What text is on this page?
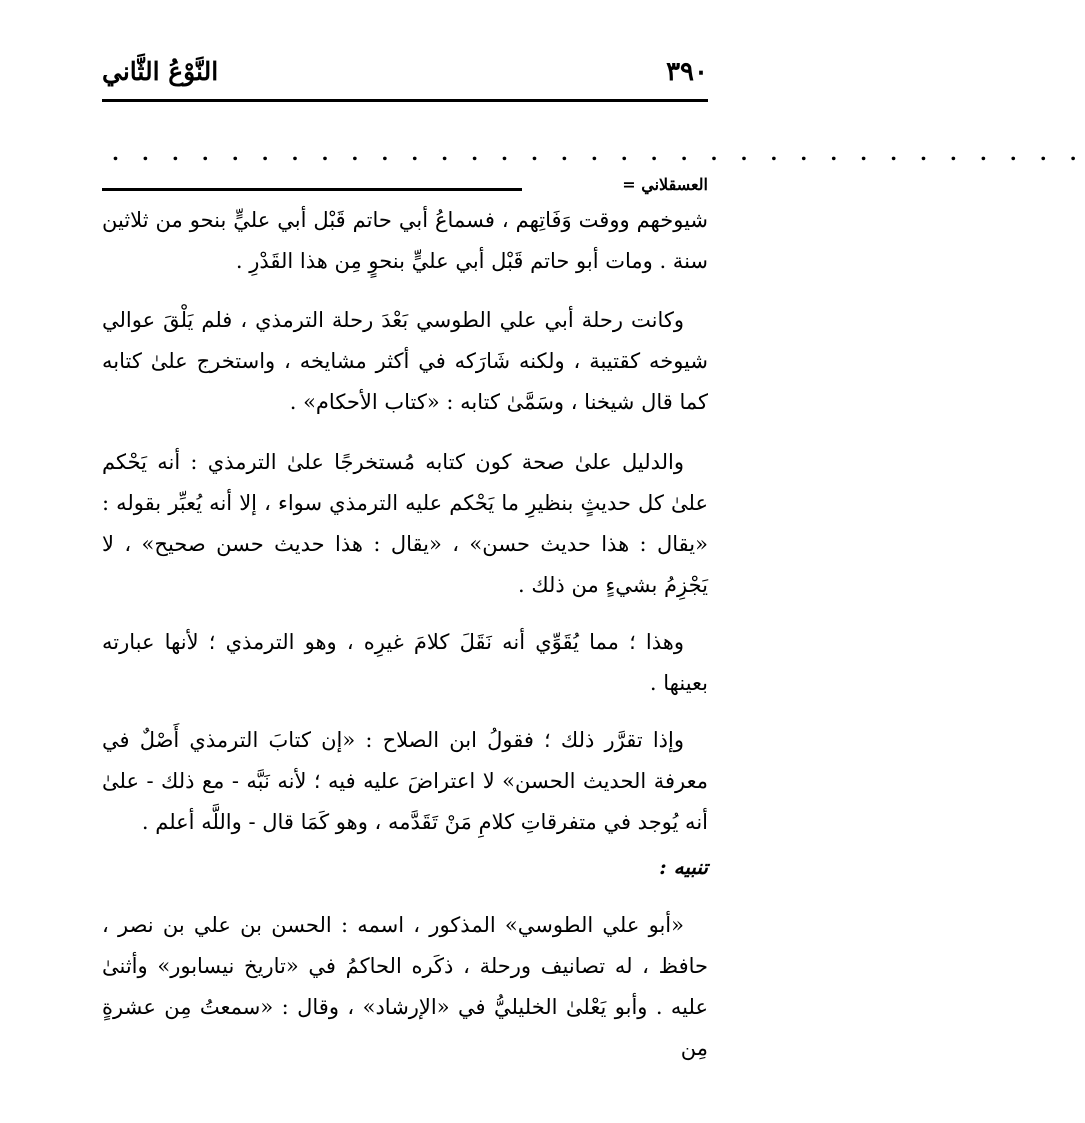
٣٩٠
النَّوْعُ الثَّاني
. . . . . . . . . . . . . . . . . . . . . . . . . . . . . . . . .
العسقلاني =

شيوخهم ووقت وَفَاتِهم ، فسماعُ أبي حاتم قَبْل أبي عليٍّ بنحو من ثلاثين سنة . ومات أبو حاتم قَبْل أبي عليٍّ بنحوٍ مِن هذا القَدْرِ .

وكانت رحلة أبي علي الطوسي بَعْدَ رحلة الترمذي ، فلم يَلْقَ عوالي شيوخه كقتيبة ، ولكنه شَارَكه في أكثر مشايخه ، واستخرج علىٰ كتابه كما قال شيخنا ، وسَمَّىٰ كتابه : «كتاب الأحكام» .

والدليل علىٰ صحة كون كتابه مُستخرجًا علىٰ الترمذي : أنه يَحْكم علىٰ كل حديثٍ بنظيرِ ما يَحْكم عليه الترمذي سواء ، إلا أنه يُعبِّر بقوله : «يقال : هذا حديث حسن» ، «يقال : هذا حديث حسن صحيح» ، لا يَجْزِمُ بشيءٍ من ذلك .

وهذا ؛ مما يُقَوِّي أنه نَقَلَ كلامَ غيرِه ، وهو الترمذي ؛ لأنها عبارته بعينها .

وإذا تقرَّر ذلك ؛ فقولُ ابن الصلاح : «إن كتابَ الترمذي أَصْلٌ في معرفة الحديث الحسن» لا اعتراضَ عليه فيه ؛ لأنه نَبَّه - مع ذلك - علىٰ أنه يُوجد في متفرقاتِ كلامِ مَنْ تَقَدَّمه ، وهو كَمَا قال - واللَّه أعلم .

تنبيه :

«أبو علي الطوسي» المذكور ، اسمه : الحسن بن علي بن نصر ، حافظ ، له تصانيف ورحلة ، ذكَره الحاكمُ في «تاريخ نيسابور» وأثنىٰ عليه . وأبو يَعْلىٰ الخليليُّ في «الإرشاد» ، وقال : «سمعتُ مِن عشرةٍ مِن
